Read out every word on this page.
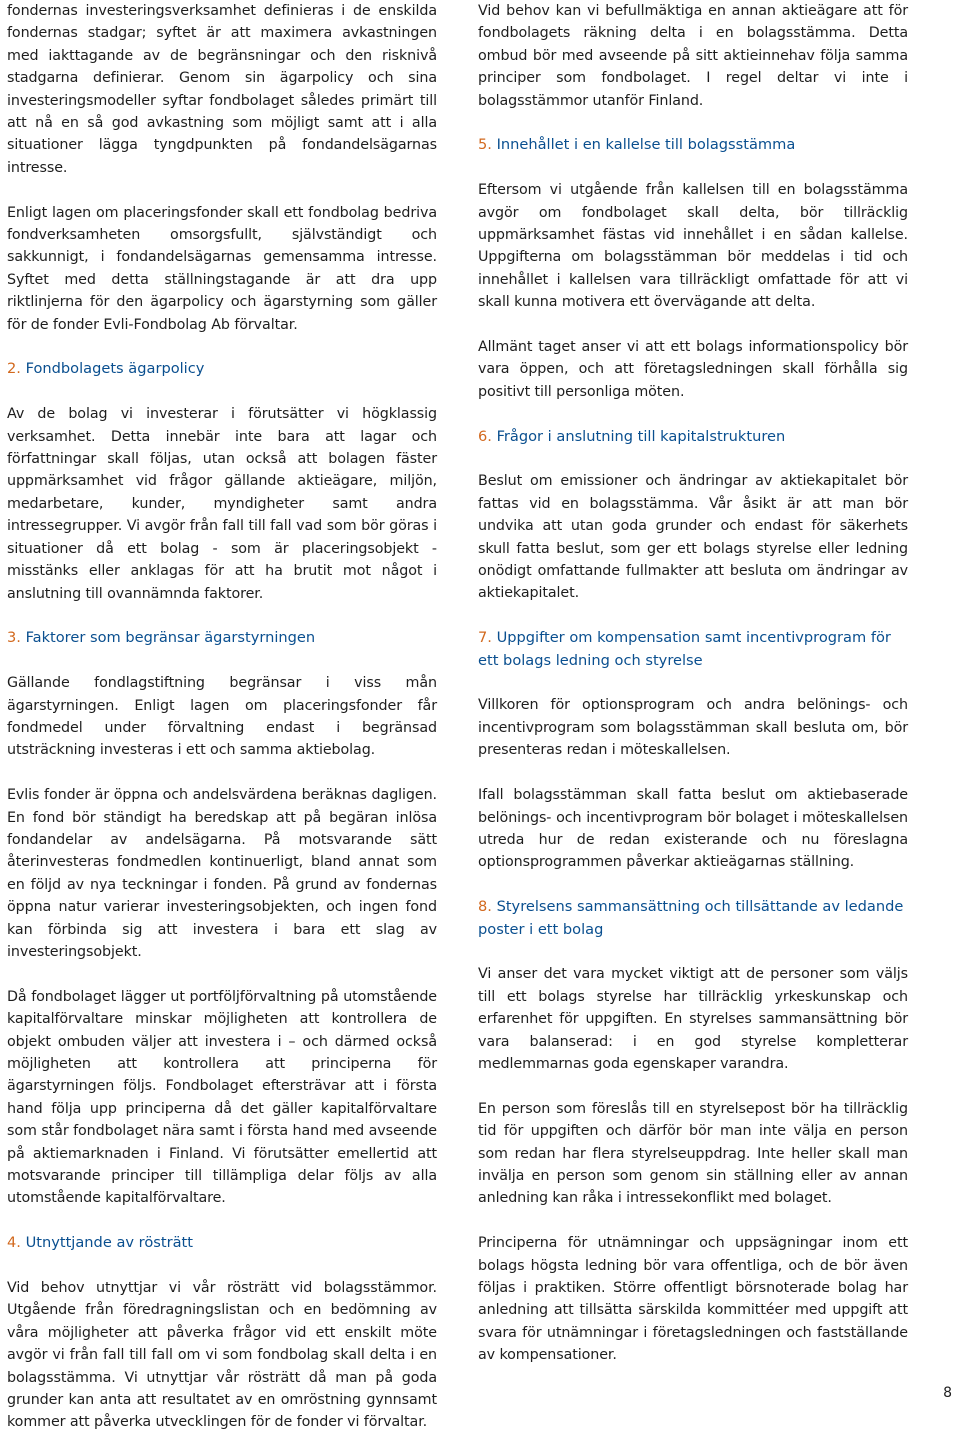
fondernas investeringsverksamhet definieras i de enskilda fondernas stadgar; syftet är att maximera avkastningen med iakttagande av de begränsningar och den risknivå stadgarna definierar. Genom sin ägarpolicy och sina investeringsmodeller syftar fondbolaget således primärt till att nå en så god avkastning som möjligt samt att i alla situationer lägga tyngdpunkten på fondandelsägarnas intresse.

Enligt lagen om placeringsfonder skall ett fondbolag bedriva fondverksamheten omsorgsfullt, självständigt och sakkunnigt, i fondandelsägarnas gemensamma intresse. Syftet med detta ställningstagande är att dra upp riktlinjerna för den ägarpolicy och ägarstyrning som gäller för de fonder Evli-Fondbolag Ab förvaltar.

2. Fondbolagets ägarpolicy

Av de bolag vi investerar i förutsätter vi högklassig verksamhet. Detta innebär inte bara att lagar och författningar skall följas, utan också att bolagen fäster uppmärksamhet vid frågor gällande aktieägare, miljön, medarbetare, kunder, myndigheter samt andra intressegrupper. Vi avgör från fall till fall vad som bör göras i situationer då ett bolag - som är placeringsobjekt - misstänks eller anklagas för att ha brutit mot något i anslutning till ovannämnda faktorer.

3. Faktorer som begränsar ägarstyrningen

Gällande fondlagstiftning begränsar i viss mån ägarstyrningen. Enligt lagen om placeringsfonder får fondmedel under förvaltning endast i begränsad utsträckning investeras i ett och samma aktiebolag.

Evlis fonder är öppna och andelsvärdena beräknas dagligen. En fond bör ständigt ha beredskap att på begäran inlösa fondandelar av andelsägarna. På motsvarande sätt återinvesteras fondmedlen kontinuerligt, bland annat som en följd av nya teckningar i fonden. På grund av fondernas öppna natur varierar investeringsobjekten, och ingen fond kan förbinda sig att investera i bara ett slag av investeringsobjekt.

Då fondbolaget lägger ut portföljförvaltning på utomstående kapitalförvaltare minskar möjligheten att kontrollera de objekt ombuden väljer att investera i – och därmed också möjligheten att kontrollera att principerna för ägarstyrningen följs. Fondbolaget eftersträvar att i första hand följa upp principerna då det gäller kapitalförvaltare som står fondbolaget nära samt i första hand med avseende på aktiemarknaden i Finland. Vi förutsätter emellertid att motsvarande principer till tillämpliga delar följs av alla utomstående kapitalförvaltare.

4. Utnyttjande av rösträtt

Vid behov utnyttjar vi vår rösträtt vid bolagsstämmor. Utgående från föredragningslistan och en bedömning av våra möjligheter att påverka frågor vid ett enskilt möte avgör vi från fall till fall om vi som fondbolag skall delta i en bolagsstämma. Vi utnyttjar vår rösträtt då man på goda grunder kan anta att resultatet av en omröstning gynnsamt kommer att påverka utvecklingen för de fonder vi förvaltar.

Vid behov kan vi befullmäktiga en annan aktieägare att för fondbolagets räkning delta i en bolagsstämma. Detta ombud bör med avseende på sitt aktieinnehav följa samma principer som fondbolaget. I regel deltar vi inte i bolagsstämmor utanför Finland.

5. Innehållet i en kallelse till bolagsstämma

Eftersom vi utgående från kallelsen till en bolagsstämma avgör om fondbolaget skall delta, bör tillräcklig uppmärksamhet fästas vid innehållet i en sådan kallelse. Uppgifterna om bolagsstämman bör meddelas i tid och innehållet i kallelsen vara tillräckligt omfattade för att vi skall kunna motivera ett övervägande att delta.

Allmänt taget anser vi att ett bolags informationspolicy bör vara öppen, och att företagsledningen skall förhålla sig positivt till personliga möten.

6. Frågor i anslutning till kapitalstrukturen

Beslut om emissioner och ändringar av aktiekapitalet bör fattas vid en bolagsstämma. Vår åsikt är att man bör undvika att utan goda grunder och endast för säkerhets skull fatta beslut, som ger ett bolags styrelse eller ledning onödigt omfattande fullmakter att besluta om ändringar av aktiekapitalet.

7. Uppgifter om kompensation samt incentivprogram för ett bolags ledning och styrelse

Villkoren för optionsprogram och andra belönings- och incentivprogram som bolagsstämman skall besluta om, bör presenteras redan i möteskallelsen.

Ifall bolagsstämman skall fatta beslut om aktiebaserade belönings- och incentivprogram bör bolaget i möteskallelsen utreda hur de redan existerande och nu föreslagna optionsprogrammen påverkar aktieägarnas ställning.

8. Styrelsens sammansättning och tillsättande av ledande poster i ett bolag

Vi anser det vara mycket viktigt att de personer som väljs till ett bolags styrelse har tillräcklig yrkeskunskap och erfarenhet för uppgiften. En styrelses sammansättning bör vara balanserad: i en god styrelse kompletterar medlemmarnas goda egenskaper varandra.

En person som föreslås till en styrelsepost bör ha tillräcklig tid för uppgiften och därför bör man inte välja en person som redan har flera styrelseuppdrag. Inte heller skall man invälja en person som genom sin ställning eller av annan anledning kan råka i intressekonflikt med bolaget.

Principerna för utnämningar och uppsägningar inom ett bolags högsta ledning bör vara offentliga, och de bör även följas i praktiken. Större offentligt börsnoterade bolag har anledning att tillsätta särskilda kommittéer med uppgift att svara för utnämningar i företagsledningen och fastställande av kompensationer.

8
